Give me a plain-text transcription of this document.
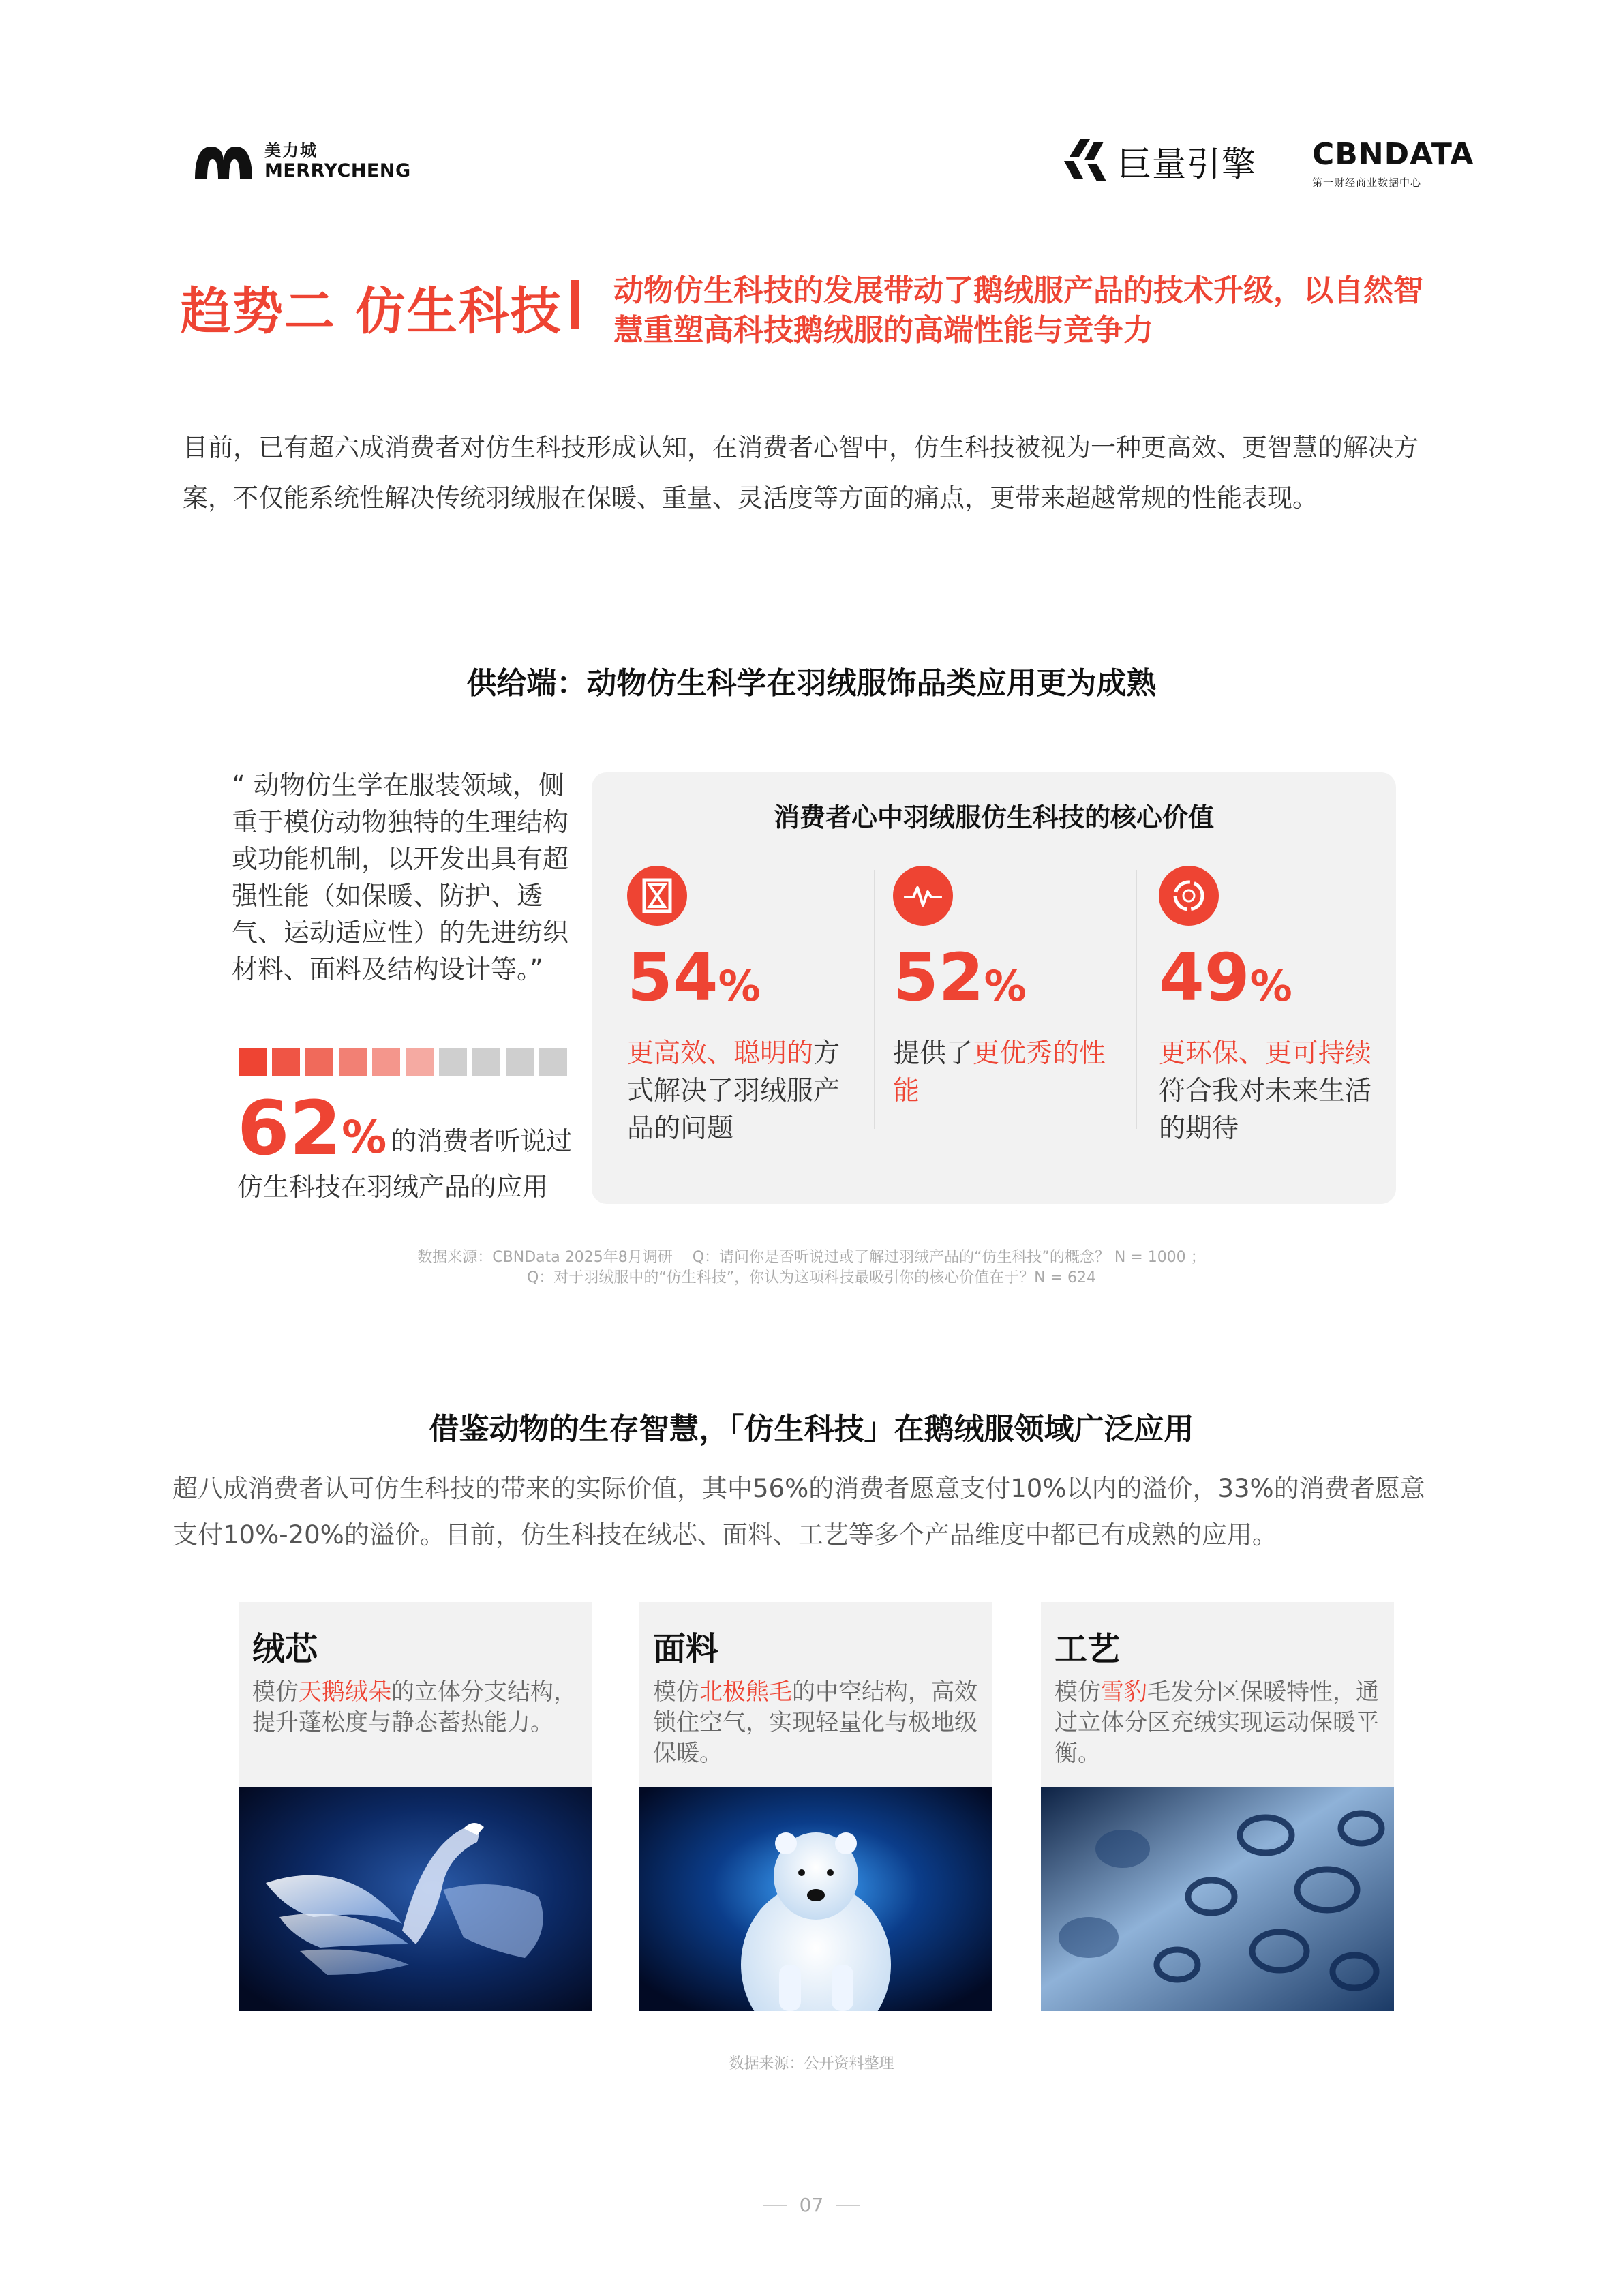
美力城
MERRYCHENG	巨量引擎 CBNDATA
第一财经商业数据中心
趋势二 仿生科技 动物仿生科技的发展带动了鹅绒服产品的技术升级，以自然智慧重塑高科技鹅绒服的高端性能与竞争力
目前，已有超六成消费者对仿生科技形成认知，在消费者心智中，仿生科技被视为一种更高效、更智慧的解决方案，不仅能系统性解决传统羽绒服在保暖、重量、灵活度等方面的痛点，更带来超越常规的性能表现。
供给端：动物仿生科学在羽绒服饰品类应用更为成熟
“ 动物仿生学在服装领域，侧重于模仿动物独特的生理结构或功能机制，以开发出具有超强性能（如保暖、防护、透气、运动适应性）的先进纺织材料、面料及结构设计等。”
62 % 的消费者听说过
仿生科技在羽绒产品的应用
消费者心中羽绒服仿生科技的核心价值
54 %
更高效、聪明的方式解决了羽绒服产品的问题
52 %
提供了更优秀的性能
49 %
更环保、更可持续符合我对未来生活的期待
数据来源：CBNData 2025年8月调研　 Q：请问你是否听说过或了解过羽绒产品的“仿生科技”的概念？ N = 1000 ；
Q：对于羽绒服中的“仿生科技”，你认为这项科技最吸引你的核心价值在于？N = 624
借鉴动物的生存智慧，「仿生科技」在鹅绒服领域广泛应用
超八成消费者认可仿生科技的带来的实际价值，其中56%的消费者愿意支付10%以内的溢价，33%的消费者愿意支付10%-20%的溢价。目前，仿生科技在绒芯、面料、工艺等多个产品维度中都已有成熟的应用。
绒芯
模仿天鹅绒朵的立体分支结构，提升蓬松度与静态蓄热能力。
面料
模仿北极熊毛的中空结构，高效锁住空气，实现轻量化与极地级保暖。
工艺
模仿雪豹毛发分区保暖特性，通过立体分区充绒实现运动保暖平衡。
数据来源：公开资料整理
07
